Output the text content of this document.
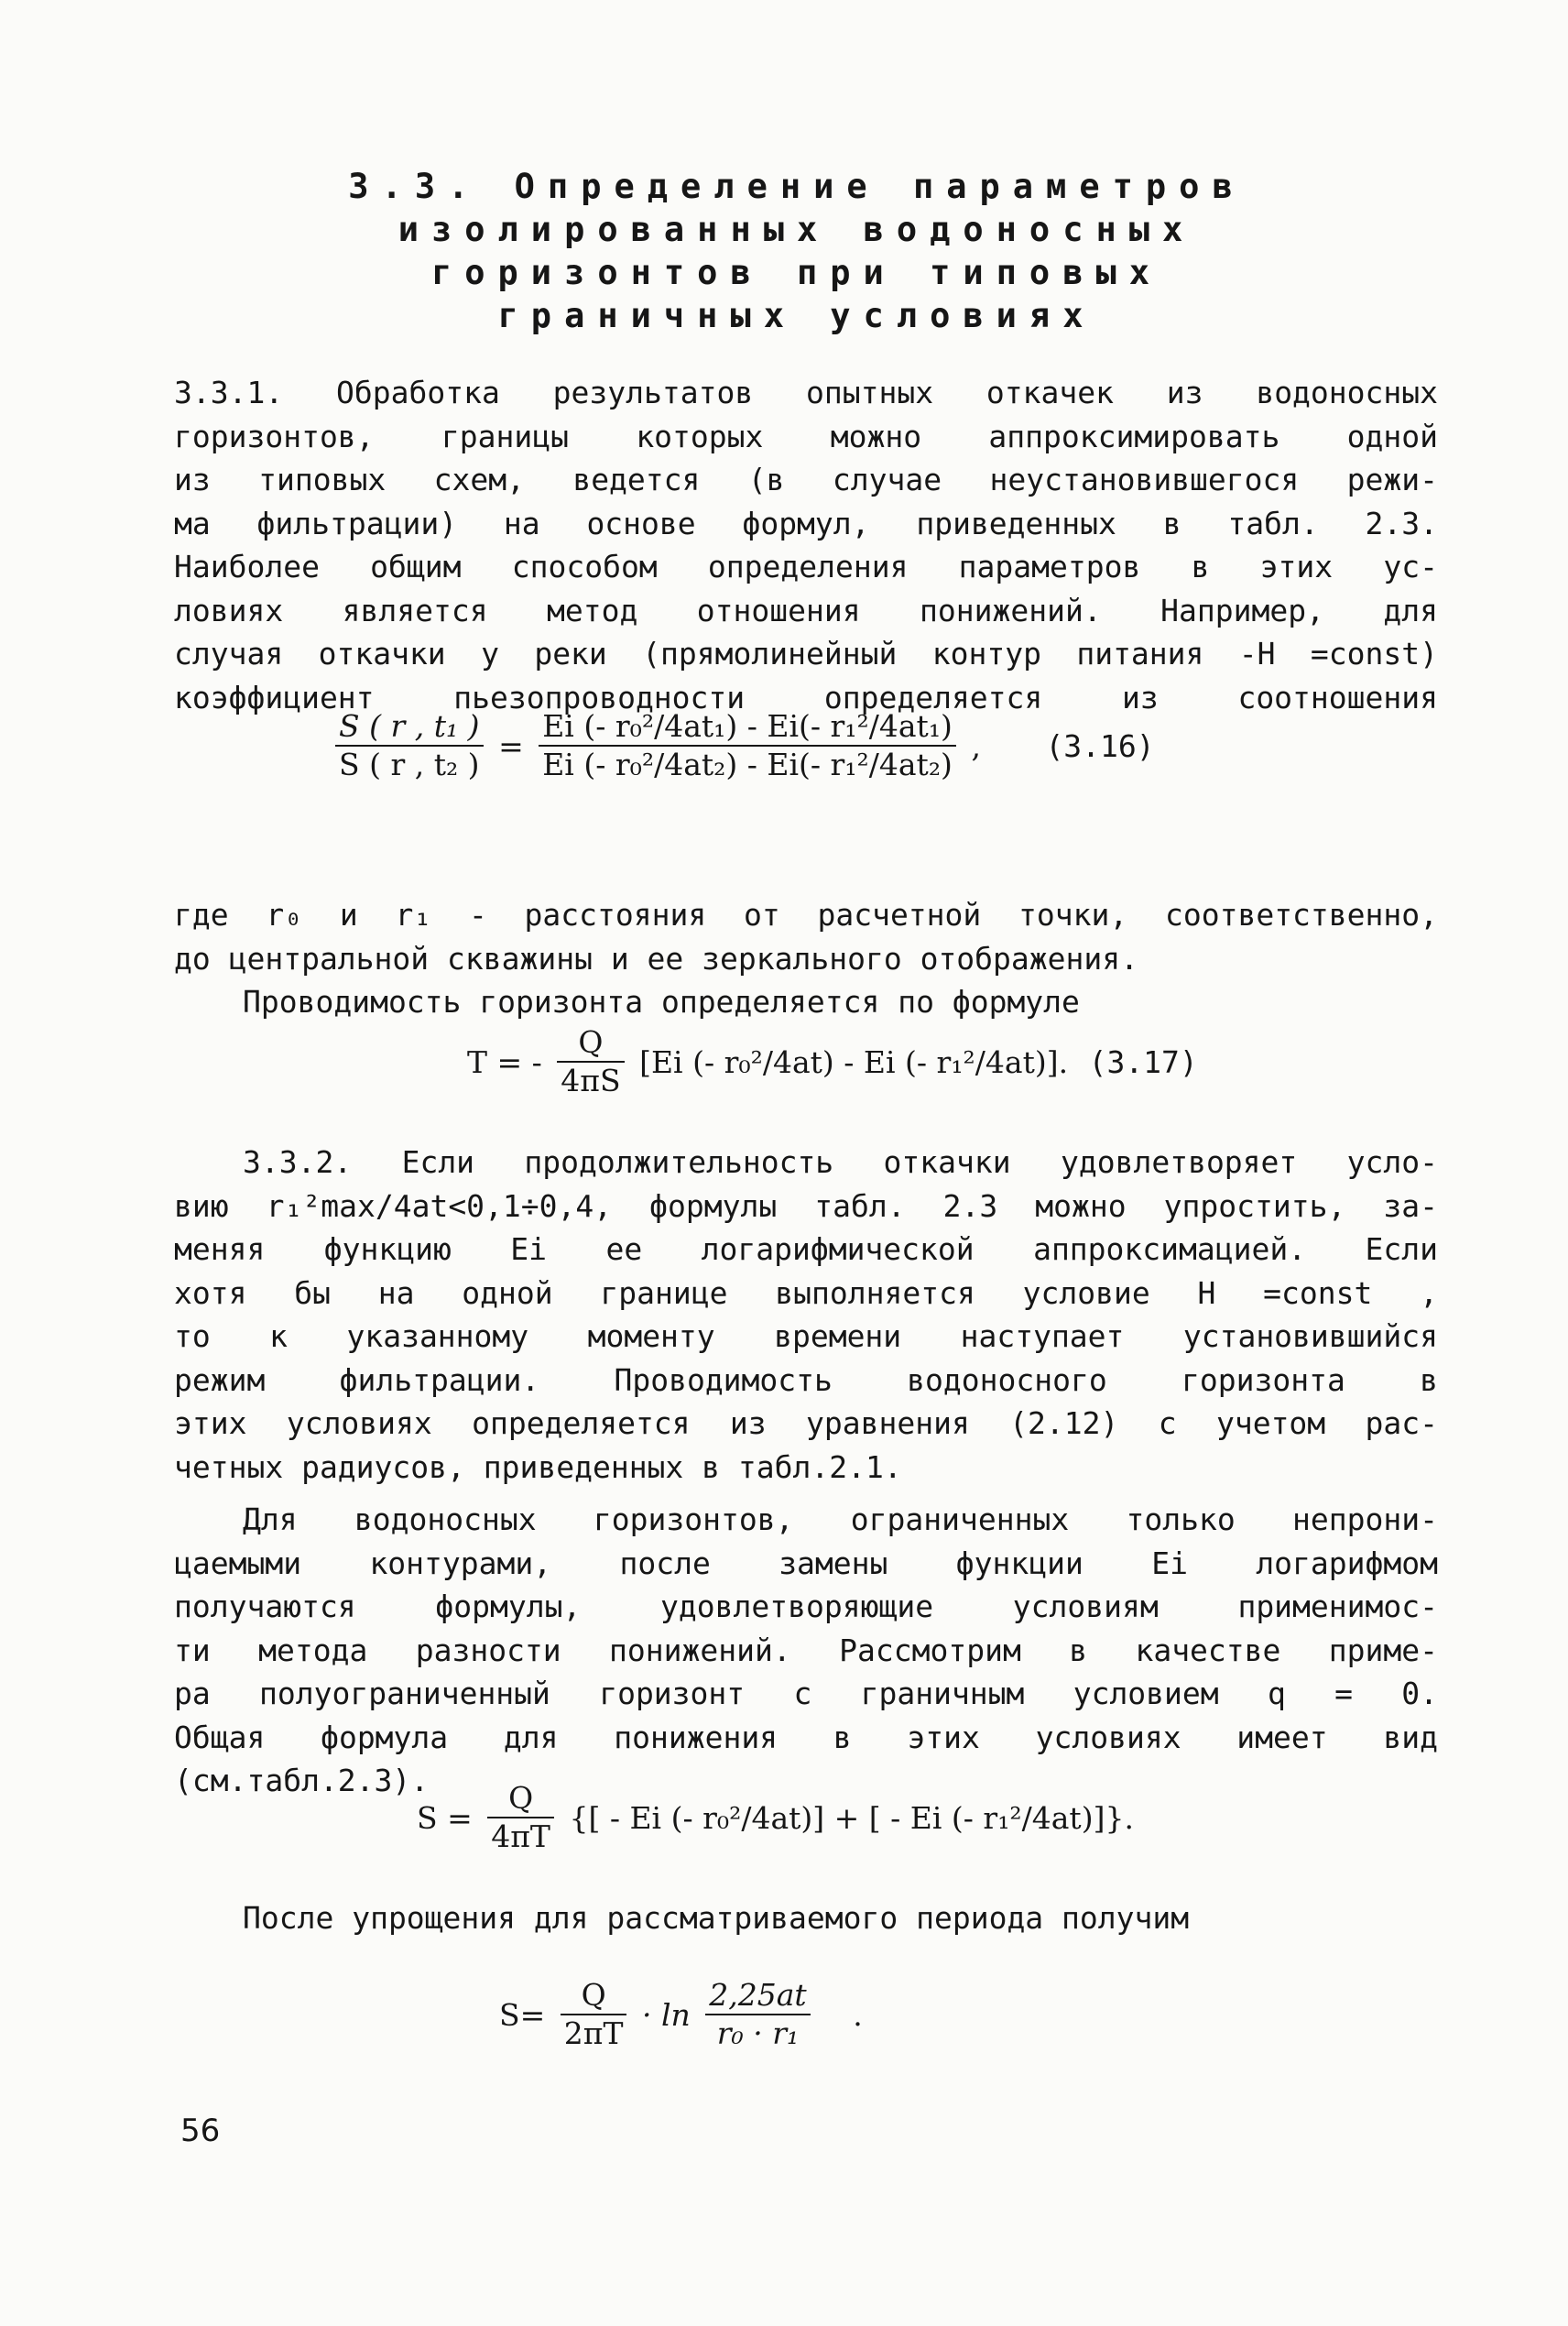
3.3. Определение параметров
изолированных водоносных
горизонтов при типовых
граничных условиях
3.3.1. Обработка результатов опытных откачек из водоносных
горизонтов, границы которых можно аппроксимировать одной
из типовых схем, ведется (в случае неустановившегося режи-
ма фильтрации) на основе формул, приведенных в табл. 2.3.
Наиболее общим способом определения параметров в этих ус-
ловиях является метод отношения понижений. Например, для
случая откачки у реки (прямолинейный контур питания -H =const)
коэффициент пьезопроводности определяется из соотношения
$\frac{\text{S ( r , t₁ )}}{\text{S ( r , t₂ )}} = \frac{\text{Ei (- r₀²/4at₁) - Ei(- r₁²/4at₁)}}{\text{Ei (- r₀²/4at₂) - Ei(- r₁²/4at₂)}}$ , (3.16)
где r₀ и r₁ - расстояния от расчетной точки, соответственно,
до центральной скважины и ее зеркального отображения.
Проводимость горизонта определяется по формуле
T = - $\frac{Q}{4\pi S} [Ei$ (- r₀²/4at) - Ei (- r₁²/4at)]. (3.17)
3.3.2. Если продолжительность откачки удовлетворяет усло-
вию r₁²max/4at<0,1÷0,4, формулы табл. 2.3 можно упростить, за-
меняя функцию Ei ее логарифмической аппроксимацией. Если
хотя бы на одной границе выполняется условие H =const ,
то к указанному моменту времени наступает установившийся
режим фильтрации. Проводимость водоносного горизонта в
этих условиях определяется из уравнения (2.12) с учетом рас-
четных радиусов, приведенных в табл.2.1.
Для водоносных горизонтов, ограниченных только непрони-
цаемыми контурами, после замены функции Ei логарифмом
получаются формулы, удовлетворяющие условиям применимос-
ти метода разности понижений. Рассмотрим в качестве приме-
ра полуограниченный горизонт с граничным условием q = 0.
Общая формула для понижения в этих условиях имеет вид
(см.табл.2.3).
$S = \frac{Q}{4\pi T}$ {[ - Ei (- r₀²/4at)] + [ - Ei (- r₁²/4at)]}.
После упрощения для рассматриваемого периода получим
$S= \frac{Q}{2\pi T} \cdot \ln \frac{2,25at}{\text{r₀ · r₁}}$ .
56
